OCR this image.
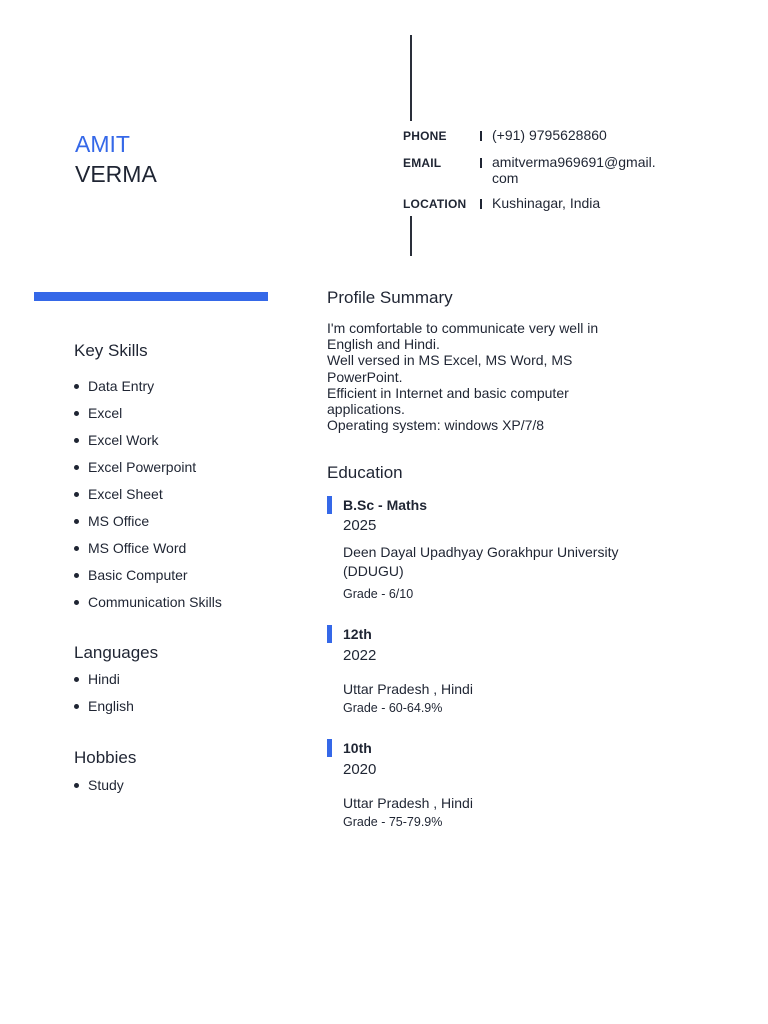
AMIT
VERMA
PHONE	(+91) 9795628860
EMAIL	amitverma969691@gmail.com
LOCATION Kushinagar, India
Key Skills
Data Entry
Excel
Excel Work
Excel Powerpoint
Excel Sheet
MS Office
MS Office Word
Basic Computer
Communication Skills
Languages
Hindi
English
Hobbies
Study
Profile Summary
I'm comfortable to communicate very well in English and Hindi.
Well versed in MS Excel, MS Word, MS PowerPoint.
Efficient in Internet and basic computer applications.
Operating system: windows XP/7/8
Education
B.Sc - Maths
2025
Deen Dayal Upadhyay Gorakhpur University (DDUGU)
Grade - 6/10
12th
2022
Uttar Pradesh , Hindi
Grade - 60-64.9%
10th
2020
Uttar Pradesh , Hindi
Grade - 75-79.9%
